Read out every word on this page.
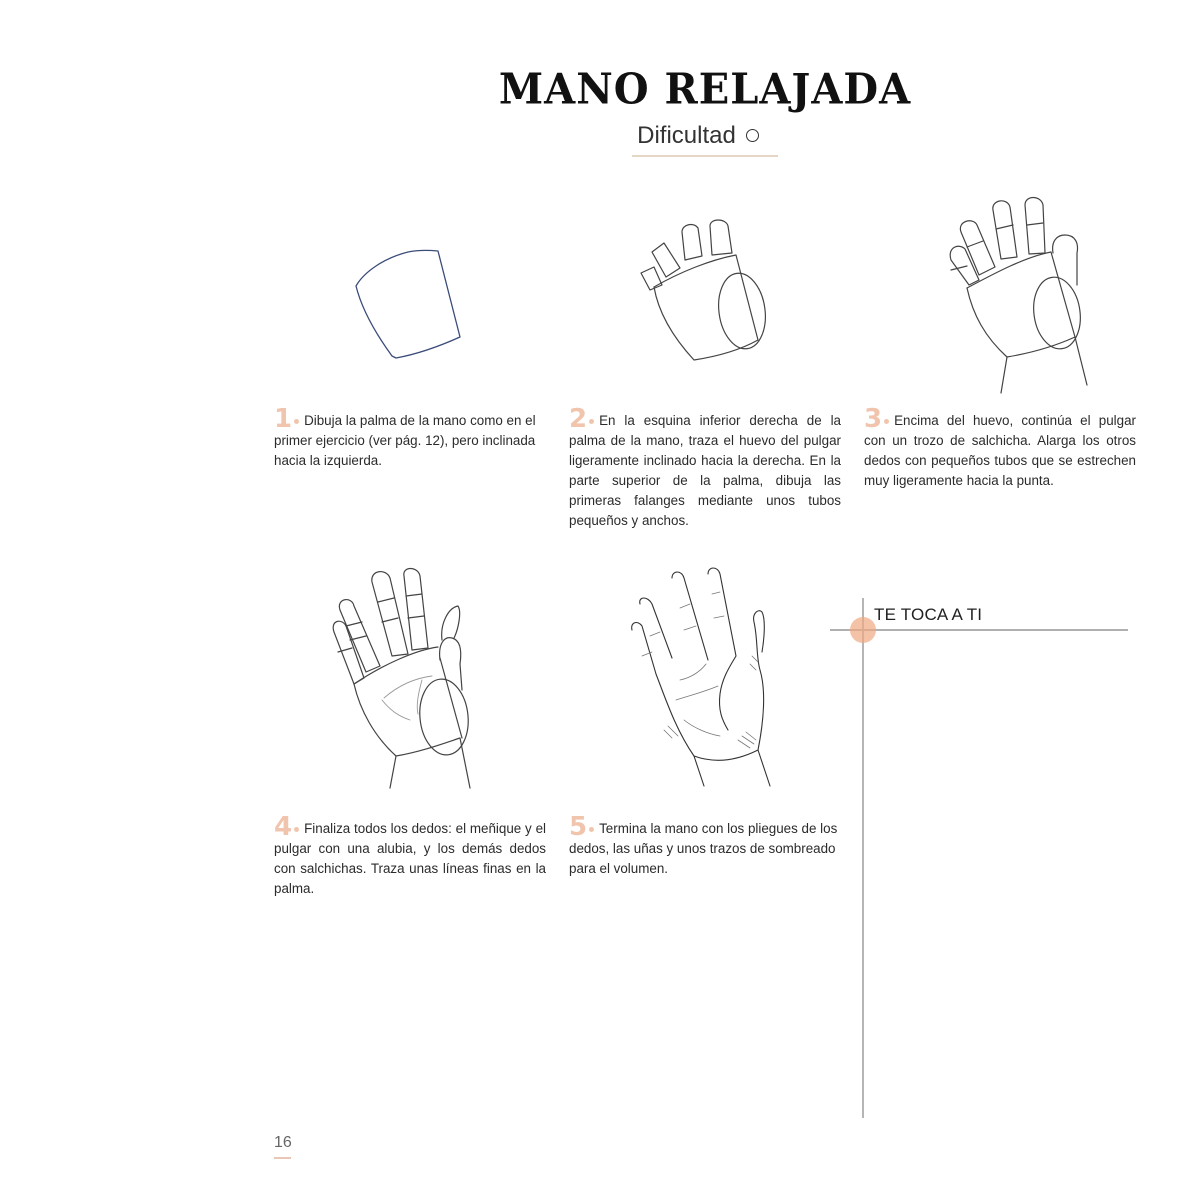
MANO RELAJADA
Dificultad
1 Dibuja la palma de la mano como en el primer ejercicio (ver pág. 12), pero inclinada hacia la izquierda.
2 En la esquina inferior derecha de la palma de la mano, traza el huevo del pulgar ligeramente inclinado hacia la derecha. En la parte superior de la palma, dibuja las primeras falanges mediante unos tubos pequeños y anchos.
3 Encima del huevo, continúa el pulgar con un trozo de salchicha. Alarga los otros dedos con pequeños tubos que se estrechen muy ligeramente hacia la punta.
4 Finaliza todos los dedos: el meñique y el pulgar con una alubia, y los demás dedos con salchichas. Traza unas líneas finas en la palma.
5 Termina la mano con los pliegues de los dedos, las uñas y unos trazos de sombreado para el volumen.
TE TOCA A TI
16
